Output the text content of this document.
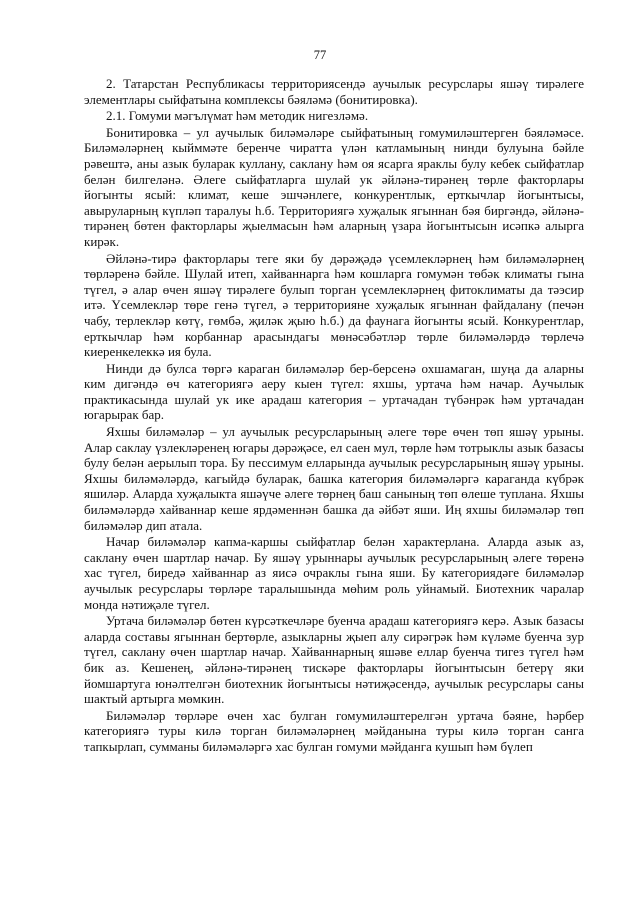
77

2. Татарстан Республикасы территориясендә аучылык ресурслары яшәү тирәлеге элементлары сыйфатына комплексы бәяләмә (бонитировка).

2.1. Гомуми мәгълүмат һәм методик нигезләмә.

Бонитировка – ул аучылык биләмәләре сыйфатының гомумиләштерген бәяләмәсе. Биләмәләрнең кыйммәте беренче чиратта үлән катламының нинди булуына бәйле рәвештә, аны азык буларак куллану, саклану һәм оя ясарга яраклы булу кебек сыйфатлар белән билгеләнә. Әлеге сыйфатларга шулай ук әйләнә-тирәнең төрле факторлары йогынты ясый: климат, кеше эшчәнлеге, конкурентлык, ерткычлар йогынтысы, авыруларның күпләп таралуы һ.б. Территориягә хуҗалык ягыннан бәя биргәндә, әйләнә-тирәнең бөтен факторлары җыелмасын һәм аларның үзара йогынтысын исәпкә алырга кирәк.

Әйләнә-тирә факторлары теге яки бу дәрәҗәдә үсемлекләрнең һәм биләмәләрнең төрләренә бәйле. Шулай итеп, хайваннарга һәм кошларга гомумән төбәк климаты гына түгел, ә алар өчен яшәү тирәлеге булып торган үсемлекләрнең фитоклиматы да тәэсир итә. Үсемлекләр төре генә түгел, ә территорияне хуҗалык ягыннан файдалану (печән чабу, терлекләр көтү, гөмбә, җиләк җыю һ.б.) да фаунага йогынты ясый. Конкурентлар, ерткычлар һәм корбаннар арасындагы мөнәсәбәтләр төрле биләмәләрдә төрлечә киеренкелеккә ия була.

Нинди дә булса төргә караган биләмәләр бер-берсенә охшамаган, шуңа да аларны ким дигәндә өч категориягә аеру кыен түгел: яхшы, уртача һәм начар. Аучылык практикасында шулай ук ике арадаш категория – уртачадан түбәнрәк һәм уртачадан югарырак бар.

Яхшы биләмәләр – ул аучылык ресурсларының әлеге төре өчен төп яшәү урыны. Алар саклау үзлекләренең югары дәрәҗәсе, ел саен мул, төрле һәм тотрыклы азык базасы булу белән аерылып тора. Бу пессимум елларында аучылык ресурсларының яшәү урыны. Яхшы биләмәләрдә, кагыйдә буларак, башка категория биләмәләргә караганда күбрәк яшиләр. Аларда хуҗалыкта яшәүче әлеге төрнең баш санының төп өлеше туплана. Яхшы биләмәләрдә хайваннар кеше ярдәменнән башка да әйбәт яши. Иң яхшы биләмәләр төп биләмәләр дип атала.

Начар биләмәләр капма-каршы сыйфатлар белән характерлана. Аларда азык аз, саклану өчен шартлар начар. Бу яшәү урыннары аучылык ресурсларының әлеге төренә хас түгел, биредә хайваннар аз яисә очраклы гына яши. Бу категориядәге биләмәләр аучылык ресурслары төрләре таралышында мөһим роль уйнамый. Биотехник чаралар монда нәтиҗәле түгел.

Уртача биләмәләр бөтен күрсәткечләре буенча арадаш категориягә керә. Азык базасы аларда составы ягыннан бертөрле, азыкларны җыеп алу сирәгрәк һәм күләме буенча зур түгел, саклану өчен шартлар начар. Хайваннарның яшәве еллар буенча тигез түгел һәм бик аз. Кешенең, әйләнә-тирәнең тискәре факторлары йогынтысын бетерү яки йомшартуга юнәлтелгән биотехник йогынтысы нәтиҗәсендә, аучылык ресурслары саны шактый артырга мөмкин.

Биләмәләр төрләре өчен хас булган гомумиләштерелгән уртача бәяне, һәрбер категориягә туры килә торган биләмәләрнең мәйданына туры килә торган санга тапкырлап, сумманы биләмәләргә хас булган гомуми мәйданга кушып һәм бүлеп
